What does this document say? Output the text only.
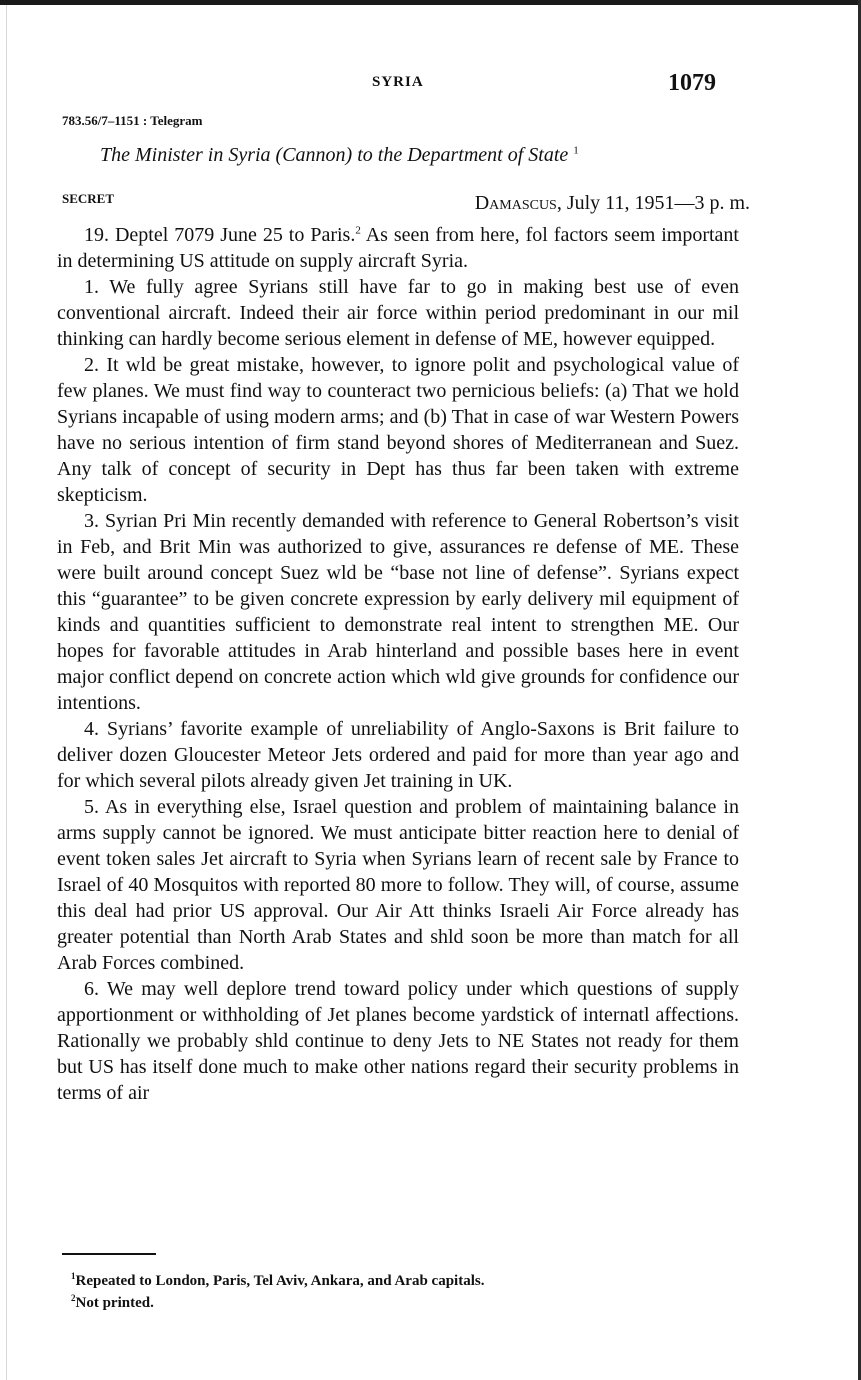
SYRIA	1079
783.56/7–1151 : Telegram
The Minister in Syria (Cannon) to the Department of State $^1$
SECRET	Damascus, July 11, 1951—3 p. m.

19. Deptel 7079 June 25 to Paris.$^2$ As seen from here, fol factors seem important in determining US attitude on supply aircraft Syria.

1. We fully agree Syrians still have far to go in making best use of even conventional aircraft. Indeed their air force within period predominant in our mil thinking can hardly become serious element in defense of ME, however equipped.

2. It wld be great mistake, however, to ignore polit and psychological value of few planes. We must find way to counteract two pernicious beliefs: (a) That we hold Syrians incapable of using modern arms; and (b) That in case of war Western Powers have no serious intention of firm stand beyond shores of Mediterranean and Suez. Any talk of concept of security in Dept has thus far been taken with extreme skepticism.

3. Syrian Pri Min recently demanded with reference to General Robertson’s visit in Feb, and Brit Min was authorized to give, assurances re defense of ME. These were built around concept Suez wld be “base not line of defense”. Syrians expect this “guarantee” to be given concrete expression by early delivery mil equipment of kinds and quantities sufficient to demonstrate real intent to strengthen ME. Our hopes for favorable attitudes in Arab hinterland and possible bases here in event major conflict depend on concrete action which wld give grounds for confidence our intentions.

4. Syrians’ favorite example of unreliability of Anglo-Saxons is Brit failure to deliver dozen Gloucester Meteor Jets ordered and paid for more than year ago and for which several pilots already given Jet training in UK.

5. As in everything else, Israel question and problem of maintaining balance in arms supply cannot be ignored. We must anticipate bitter reaction here to denial of event token sales Jet aircraft to Syria when Syrians learn of recent sale by France to Israel of 40 Mosquitos with reported 80 more to follow. They will, of course, assume this deal had prior US approval. Our Air Att thinks Israeli Air Force already has greater potential than North Arab States and shld soon be more than match for all Arab Forces combined.

6. We may well deplore trend toward policy under which questions of supply apportionment or withholding of Jet planes become yardstick of internatl affections. Rationally we probably shld continue to deny Jets to NE States not ready for them but US has itself done much to make other nations regard their security problems in terms of air

$^1$Repeated to London, Paris, Tel Aviv, Ankara, and Arab capitals.
$^2$Not printed.
